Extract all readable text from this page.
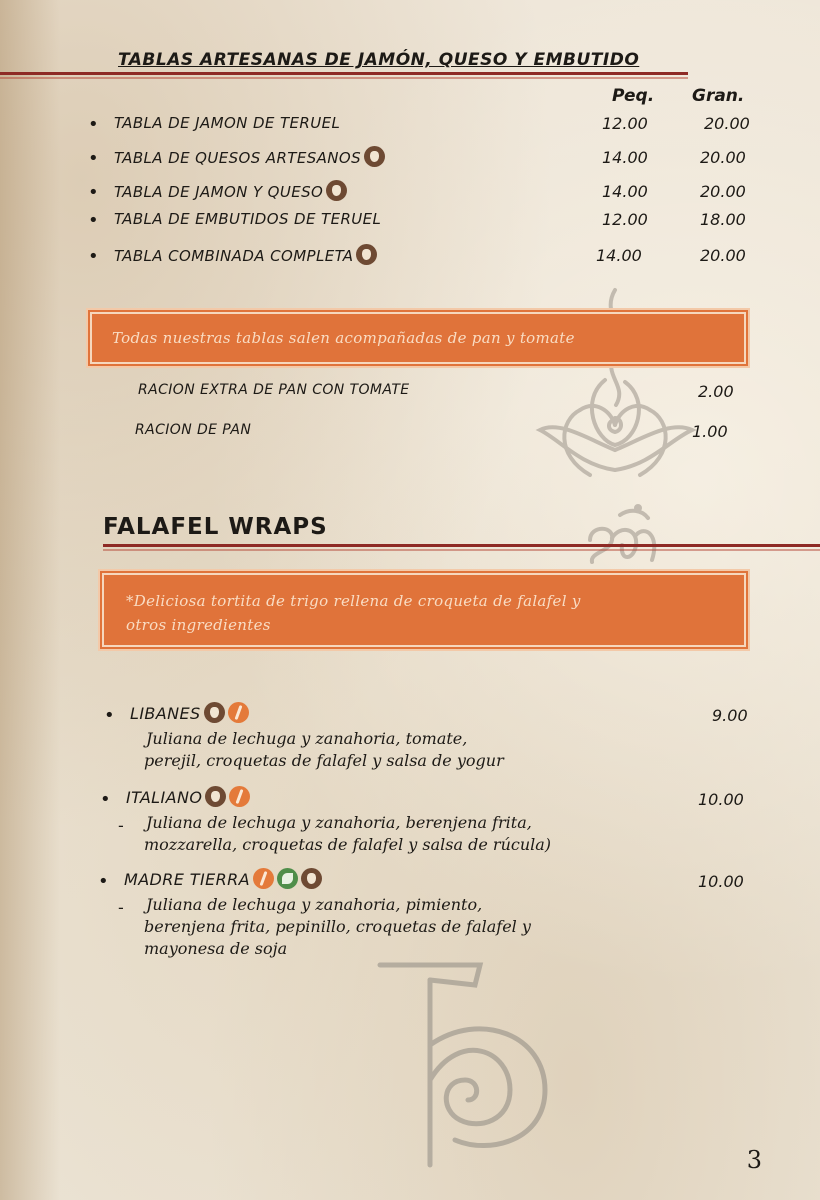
TABLAS ARTESANAS DE JAMÓN, QUESO Y EMBUTIDO
Peq. Gran.
• TABLA DE JAMON DE TERUEL	12.00	20.00
• TABLA DE QUESOS ARTESANOS	14.00	20.00
• TABLA DE JAMON Y QUESO	14.00	20.00
• TABLA DE EMBUTIDOS DE TERUEL	12.00	18.00
• TABLA COMBINADA COMPLETA	14.00	20.00
Todas nuestras tablas salen acompañadas de pan y tomate
RACION EXTRA DE PAN CON TOMATE	2.00
RACION DE PAN	1.00
FALAFEL WRAPS
*Deliciosa tortita de trigo rellena de croqueta de falafel y
otros ingredientes
• LIBANES	9.00
Juliana de lechuga y zanahoria, tomate,
perejil, croquetas de falafel y salsa de yogur
• ITALIANO	10.00
- Juliana de lechuga y zanahoria, berenjena frita,
mozzarella, croquetas de falafel y salsa de rúcula)
• MADRE TIERRA	10.00
- Juliana de lechuga y zanahoria, pimiento,
berenjena frita, pepinillo, croquetas de falafel y
mayonesa de soja
3
